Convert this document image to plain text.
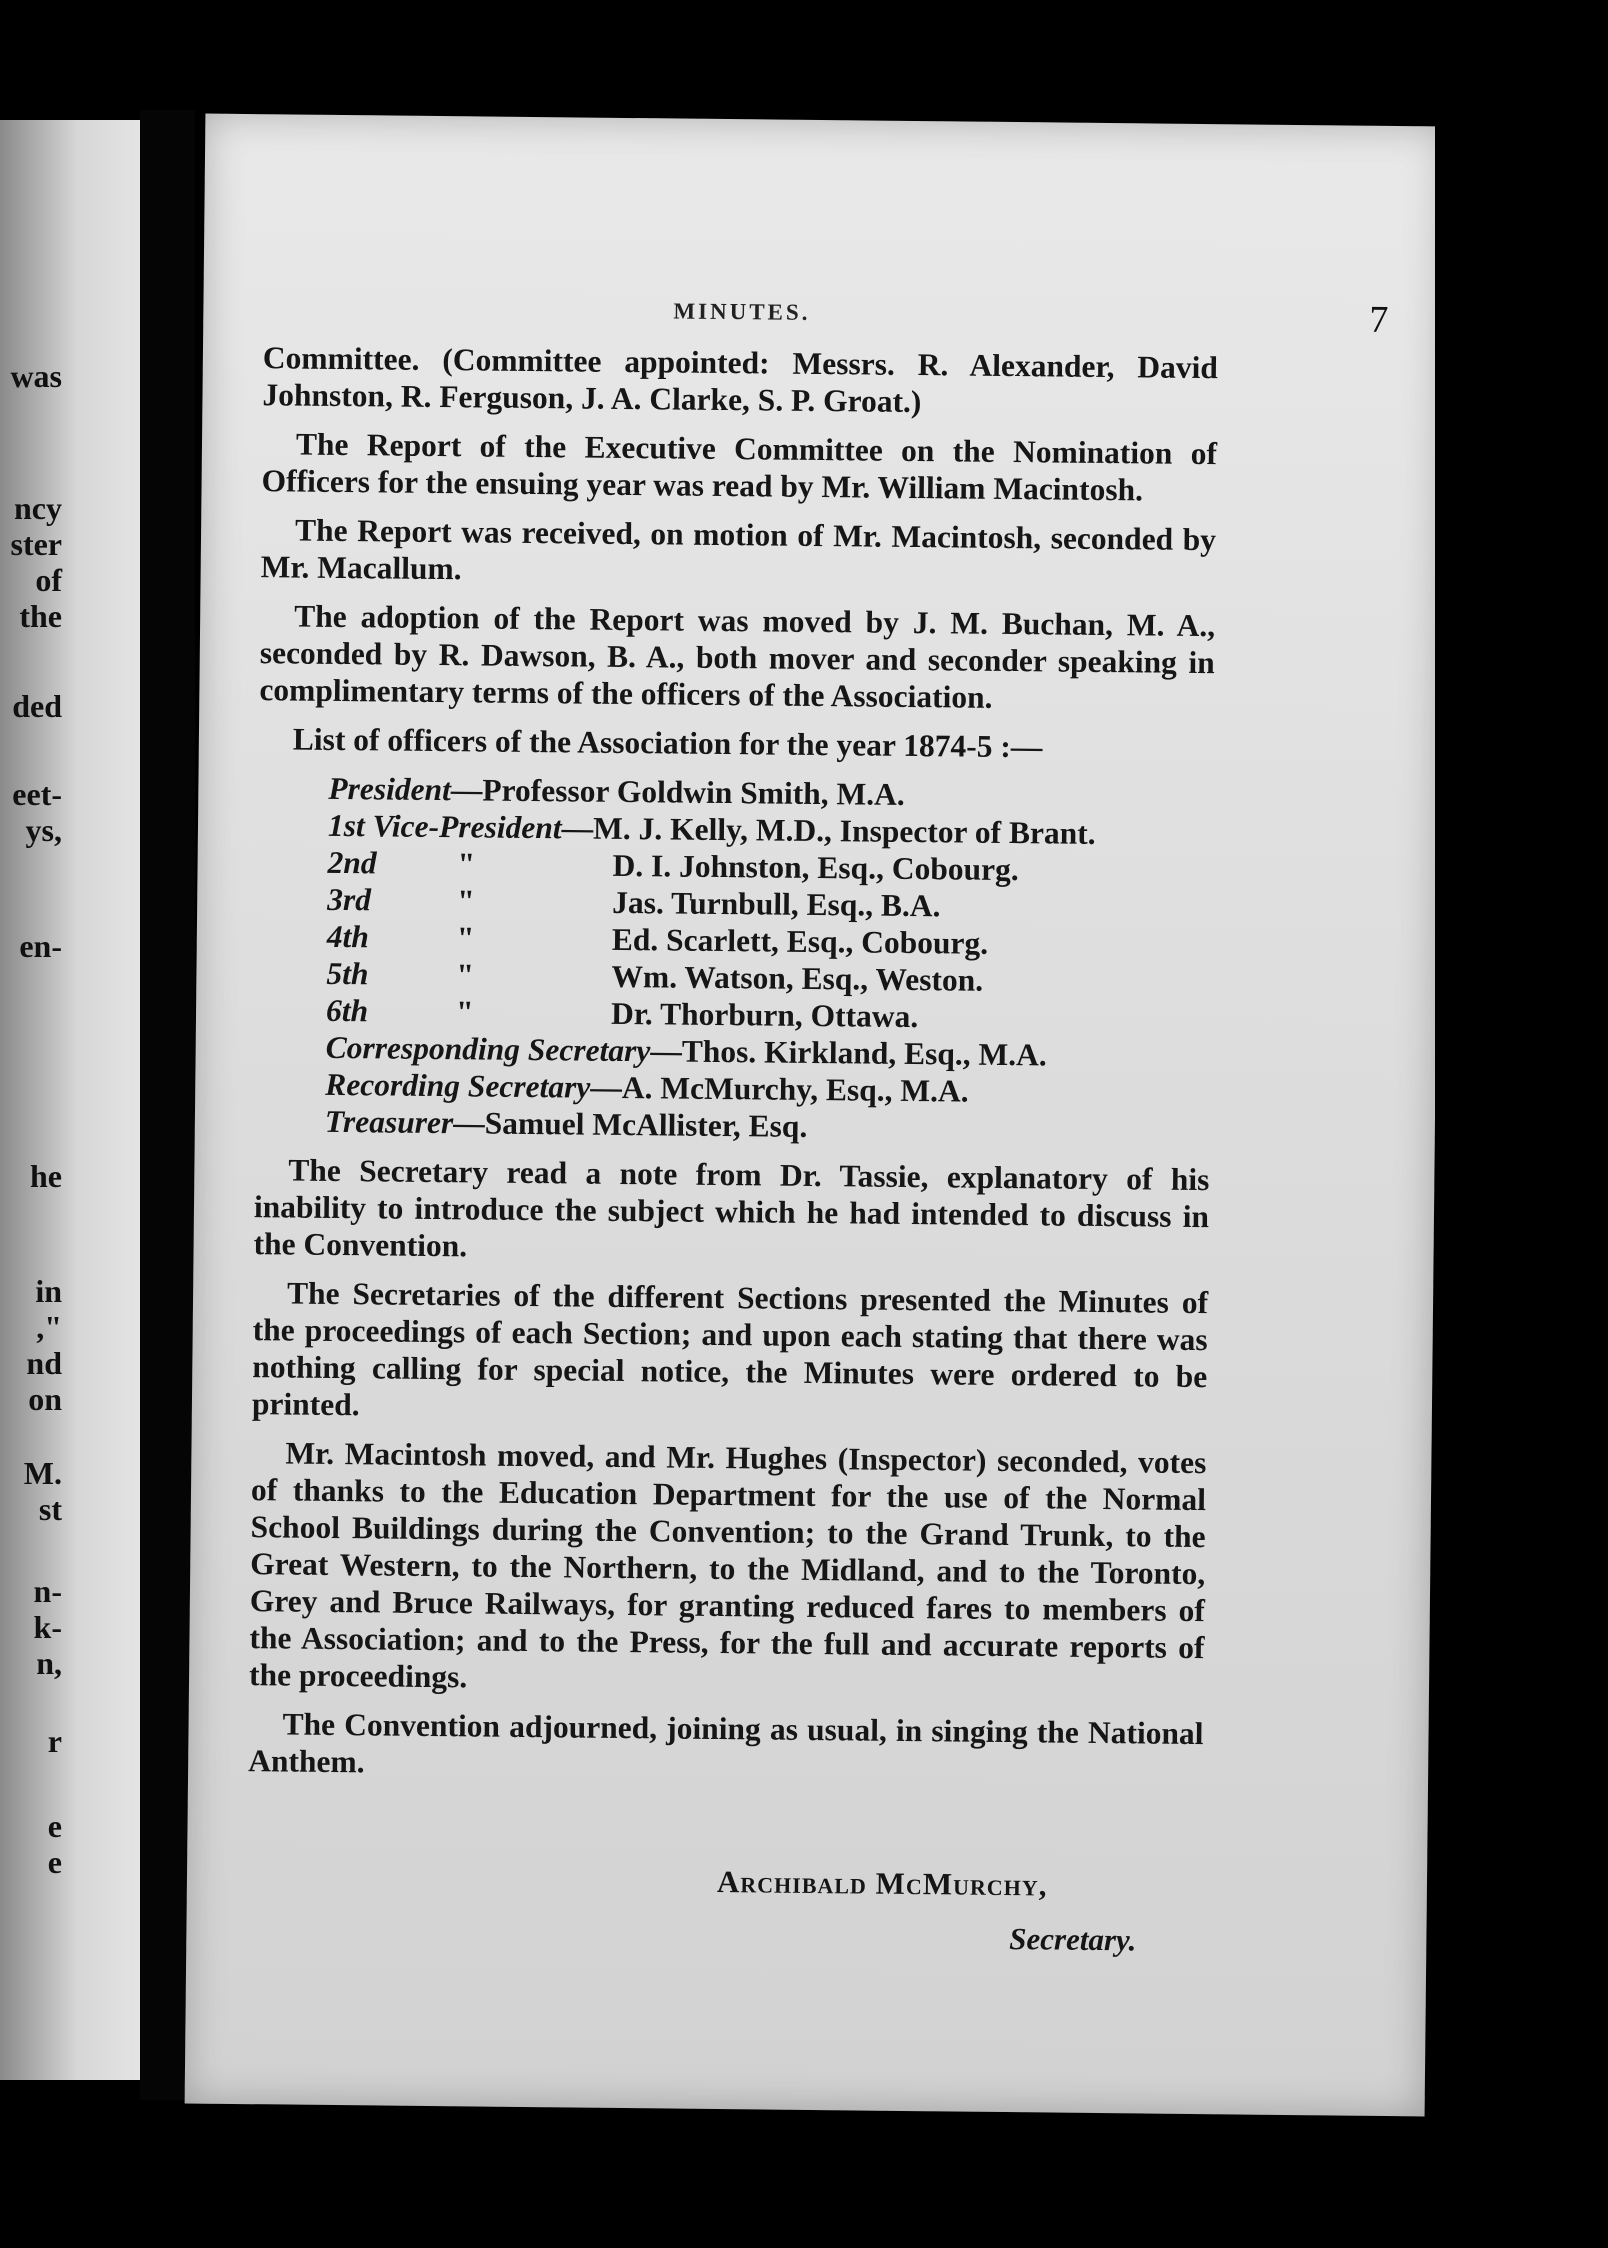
was
ncy
ster
of
the
ded
eet-
ys,
en-
he
in
,"
nd
on
M.
st
n-
k-
n,
r
e
e
MINUTES.	7

Committee. (Committee appointed: Messrs. R. Alexander, David Johnston, R. Ferguson, J. A. Clarke, S. P. Groat.)

The Report of the Executive Committee on the Nomination of Officers for the ensuing year was read by Mr. William Macintosh.

The Report was received, on motion of Mr. Macintosh, seconded by Mr. Macallum.

The adoption of the Report was moved by J. M. Buchan, M. A., seconded by R. Dawson, B. A., both mover and seconder speaking in complimentary terms of the officers of the Association.

List of officers of the Association for the year 1874-5 :—

President —Professor Goldwin Smith, M.A.
1st Vice-President —M. J. Kelly, M.D., Inspector of Brant.
2nd	"	D. I. Johnston, Esq., Cobourg.
3rd	"	Jas. Turnbull, Esq., B.A.
4th	"	Ed. Scarlett, Esq., Cobourg.
5th	"	Wm. Watson, Esq., Weston.
6th	"	Dr. Thorburn, Ottawa.
Corresponding Secretary —Thos. Kirkland, Esq., M.A.
Recording Secretary —A. McMurchy, Esq., M.A.
Treasurer —Samuel McAllister, Esq.

The Secretary read a note from Dr. Tassie, explanatory of his inability to introduce the subject which he had intended to discuss in the Convention.

The Secretaries of the different Sections presented the Minutes of the proceedings of each Section; and upon each stating that there was nothing calling for special notice, the Minutes were ordered to be printed.

Mr. Macintosh moved, and Mr. Hughes (Inspector) seconded, votes of thanks to the Education Department for the use of the Normal School Buildings during the Convention; to the Grand Trunk, to the Great Western, to the Northern, to the Midland, and to the Toronto, Grey and Bruce Railways, for granting reduced fares to members of the Association; and to the Press, for the full and accurate reports of the proceedings.

The Convention adjourned, joining as usual, in singing the National Anthem.

Archibald McMurchy,
Secretary.
